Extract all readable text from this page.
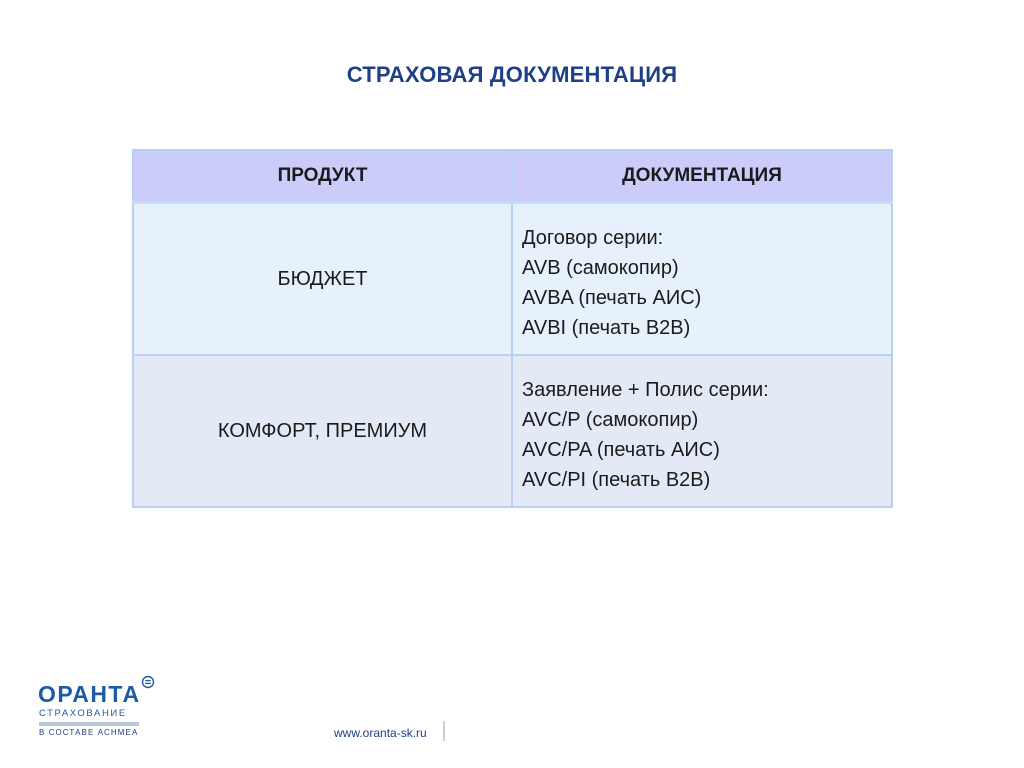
СТРАХОВАЯ ДОКУМЕНТАЦИЯ
ПРОДУКТ	ДОКУМЕНТАЦИЯ
БЮДЖЕТ	Договор серии:
AVB (самокопир)
AVBA (печать АИС)
AVBI (печать B2B)

КОМФОРТ, ПРЕМИУМ	Заявление + Полис серии:
AVC/P (самокопир)
AVC/PA (печать АИС)
AVC/PI (печать B2B)
ОРАНТА
СТРАХОВАНИЕ
В СОСТАВЕ АСНМЕА	www.oranta-sk.ru
